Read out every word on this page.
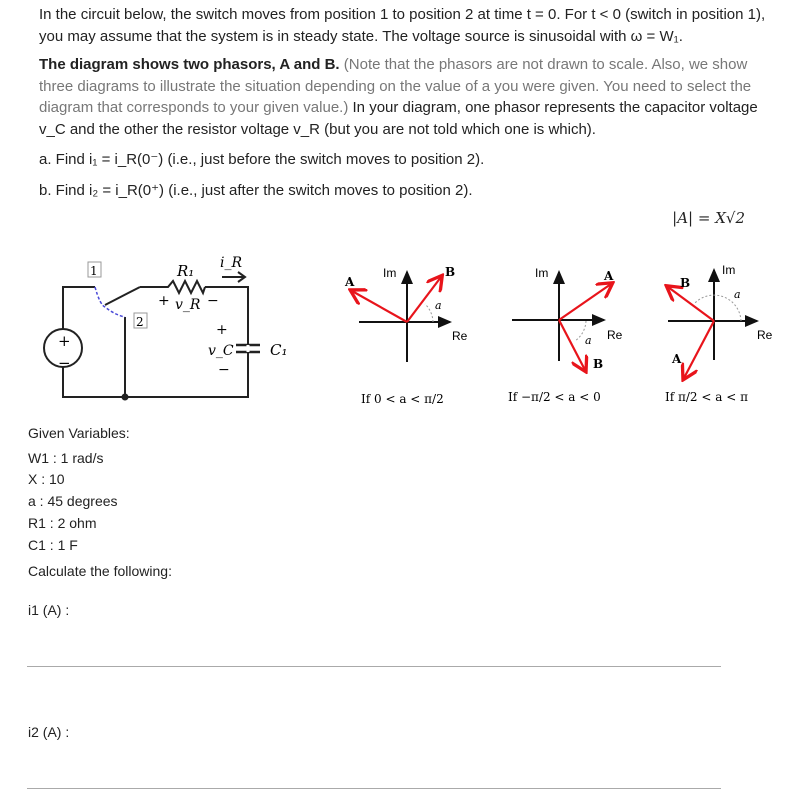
In the circuit below, the switch moves from position 1 to position 2 at time t = 0. For t < 0 (switch in position 1), you may assume that the system is in steady state. The voltage source is sinusoidal with ω = W₁.
The diagram shows two phasors, A and B. (Note that the phasors are not drawn to scale. Also, we show three diagrams to illustrate the situation depending on the value of a you were given. You need to select the diagram that corresponds to your given value.) In your diagram, one phasor represents the capacitor voltage v_C and the other the resistor voltage v_R (but you are not told which one is which).
a. Find i₁ = i_R(0⁻) (i.e., just before the switch moves to position 2).
b. Find i₂ = i_R(0⁺) (i.e., just after the switch moves to position 2).
|A| = X√2
1
2
+
−
R₁ i_R
+ v_R −
+
v_C
−
C₁
A
B
Im
Re
a
If 0 < a < π/2
A
B
Im
Re
a
If −π/2 < a < 0
B
A
Im
Re
a
If π/2 < a < π
Given Variables:
W1 : 1 rad/s
X : 10
a : 45 degrees
R1 : 2 ohm
C1 : 1 F
Calculate the following:
i1 (A) :
i2 (A) :
